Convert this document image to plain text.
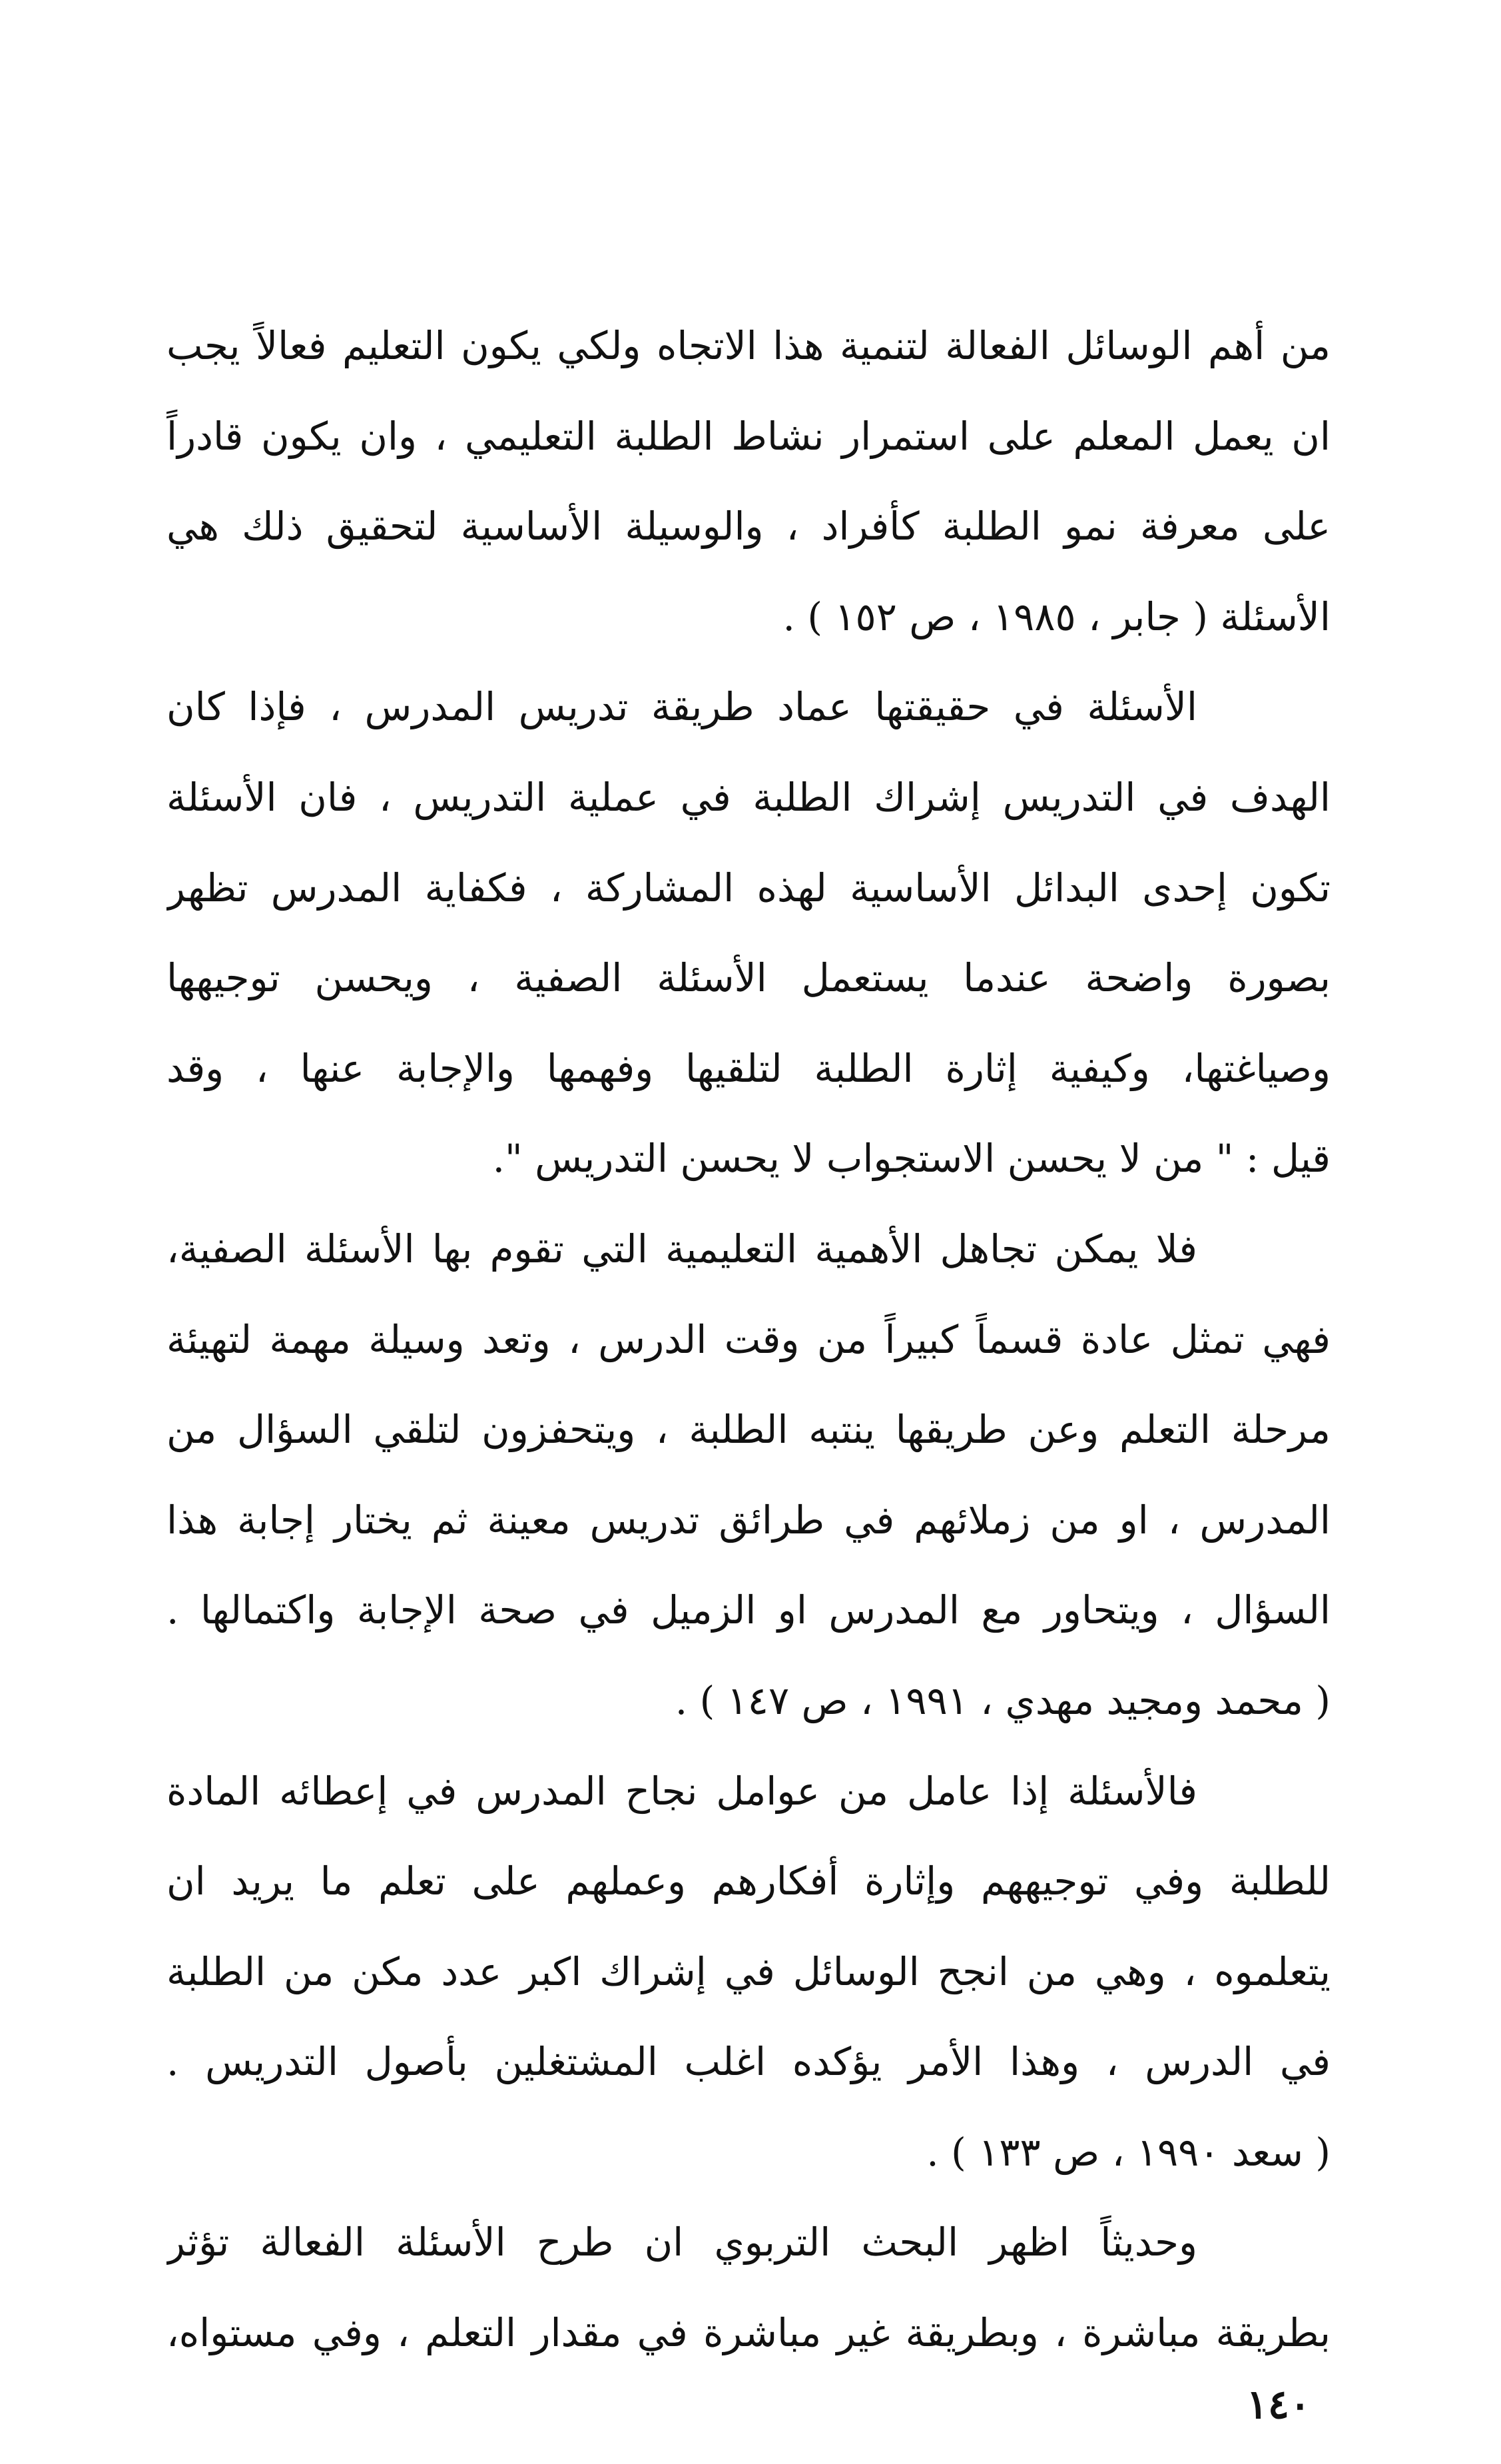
من أهم الوسائل الفعالة لتنمية هذا الاتجاه ولكي يكون التعليم فعالاً يجب
ان يعمل المعلم على استمرار نشاط الطلبة التعليمي ، وان يكون قادراً
على معرفة نمو الطلبة كأفراد ، والوسيلة الأساسية لتحقيق ذلك هي
الأسئلة ( جابر ، ١٩٨٥ ، ص ١٥٢ ) .
الأسئلة في حقيقتها عماد طريقة تدريس المدرس ، فإذا كان
الهدف في التدريس إشراك الطلبة في عملية التدريس ، فان الأسئلة
تكون إحدى البدائل الأساسية لهذه المشاركة ، فكفاية المدرس تظهر
بصورة واضحة عندما يستعمل الأسئلة الصفية ، ويحسن توجيهها
وصياغتها، وكيفية إثارة الطلبة لتلقيها وفهمها والإجابة عنها ، وقد
قيل : " من لا يحسن الاستجواب لا يحسن التدريس ".
فلا يمكن تجاهل الأهمية التعليمية التي تقوم بها الأسئلة الصفية،
فهي تمثل عادة قسماً كبيراً من وقت الدرس ، وتعد وسيلة مهمة لتهيئة
مرحلة التعلم وعن طريقها ينتبه الطلبة ، ويتحفزون لتلقي السؤال من
المدرس ، او من زملائهم في طرائق تدريس معينة ثم يختار إجابة هذا
السؤال ، ويتحاور مع المدرس او الزميل في صحة الإجابة واكتمالها .
( محمد ومجيد مهدي ، ١٩٩١ ، ص ١٤٧ ) .
فالأسئلة إذا عامل من عوامل نجاح المدرس في إعطائه المادة
للطلبة وفي توجيههم وإثارة أفكارهم وعملهم على تعلم ما يريد ان
يتعلموه ، وهي من انجح الوسائل في إشراك اكبر عدد مكن من الطلبة
في الدرس ، وهذا الأمر يؤكده اغلب المشتغلين بأصول التدريس .
( سعد ١٩٩٠ ، ص ١٣٣ ) .
وحديثاً اظهر البحث التربوي ان طرح الأسئلة الفعالة تؤثر
بطريقة مباشرة ، وبطريقة غير مباشرة في مقدار التعلم ، وفي مستواه،
١٤٠
